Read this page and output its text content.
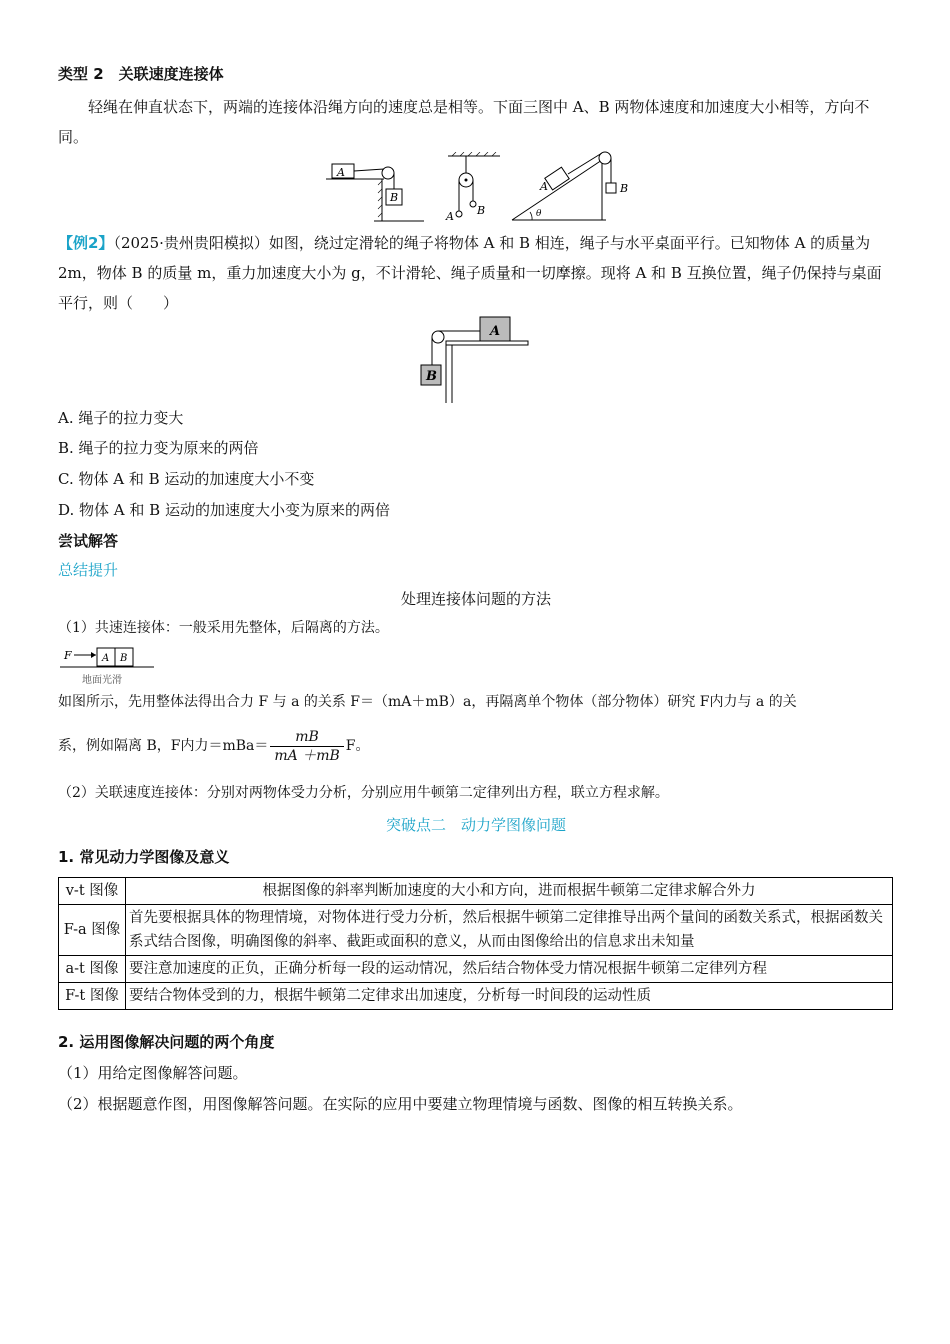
类型 2　关联速度连接体
轻绳在伸直状态下，两端的连接体沿绳方向的速度总是相等。下面三图中 A、B 两物体速度和加速度大小相等，方向不同。
A
B
A B
B
A
θ
【例2】（2025·贵州贵阳模拟）如图，绕过定滑轮的绳子将物体 A 和 B 相连，绳子与水平桌面平行。已知物体 A 的质量为 2m，物体 B 的质量 m，重力加速度大小为 g，不计滑轮、绳子质量和一切摩擦。现将 A 和 B 互换位置，绳子仍保持与桌面平行，则（　　）
A
B
A. 绳子的拉力变大
B. 绳子的拉力变为原来的两倍
C. 物体 A 和 B 运动的加速度大小不变
D. 物体 A 和 B 运动的加速度大小变为原来的两倍
尝试解答
总结提升
处理连接体问题的方法
（1）共速连接体：一般采用先整体，后隔离的方法。
F	A B
地面光滑
如图所示，先用整体法得出合力 F 与 a 的关系 F＝（mA＋mB）a，再隔离单个物体（部分物体）研究 F内力与 a 的关
系，例如隔离 B，F内力$=mBa= \frac{mB}{mA +mB}$ F。
（2）关联速度连接体：分别对两物体受力分析，分别应用牛顿第二定律列出方程，联立方程求解。
突破点二　动力学图像问题
1. 常见动力学图像及意义
v-t 图像	根据图像的斜率判断加速度的大小和方向，进而根据牛顿第二定律求解合外力
F-a 图像	首先要根据具体的物理情境，对物体进行受力分析，然后根据牛顿第二定律推导出两个量间的函数关系式，根据函数关系式结合图像，明确图像的斜率、截距或面积的意义，从而由图像给出的信息求出未知量
a-t 图像	要注意加速度的正负，正确分析每一段的运动情况，然后结合物体受力情况根据牛顿第二定律列方程
F-t 图像	要结合物体受到的力，根据牛顿第二定律求出加速度，分析每一时间段的运动性质
2. 运用图像解决问题的两个角度
（1）用给定图像解答问题。
（2）根据题意作图，用图像解答问题。在实际的应用中要建立物理情境与函数、图像的相互转换关系。
